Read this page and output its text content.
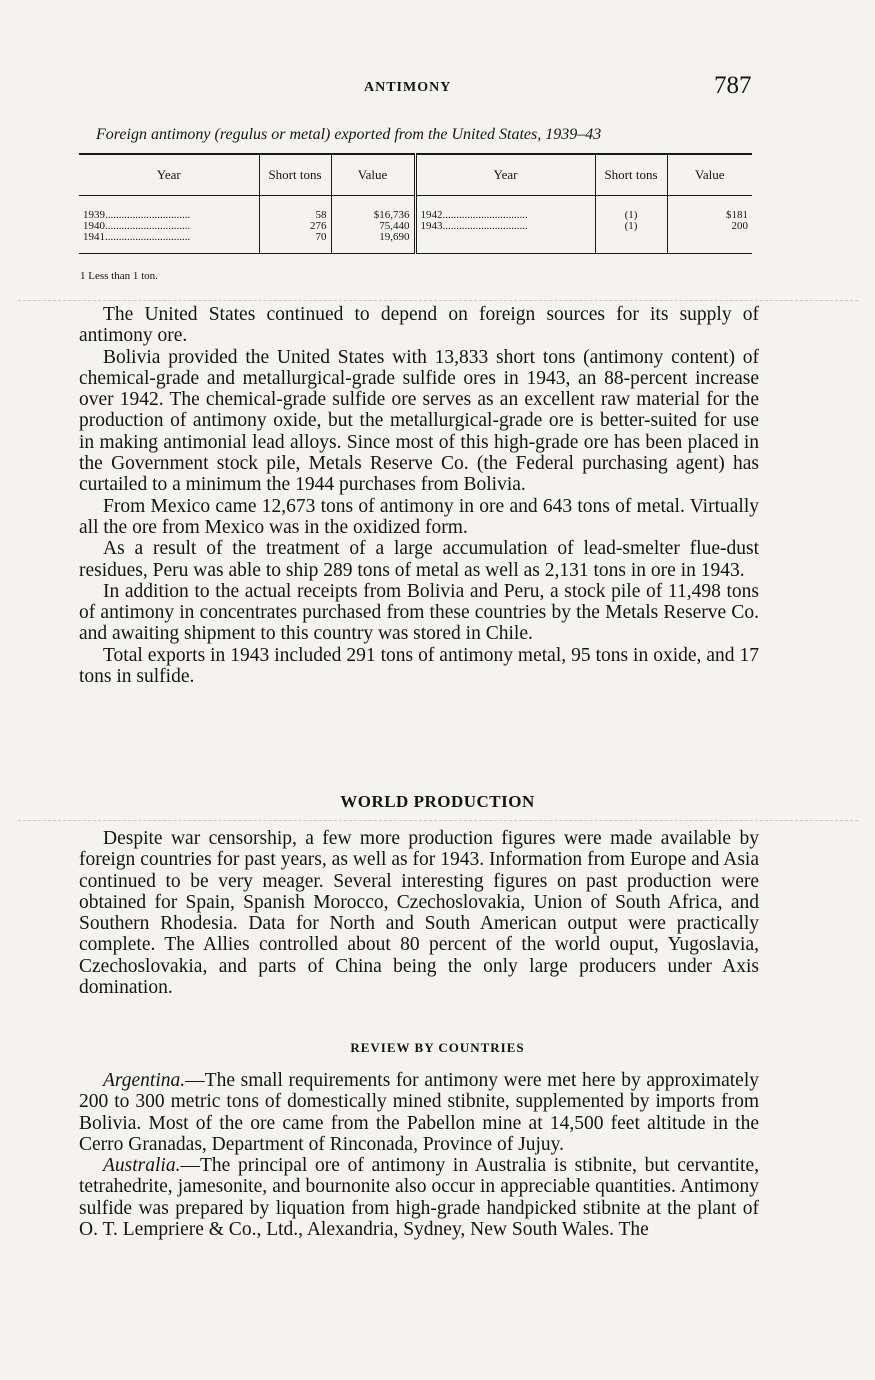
ANTIMONY	787
Foreign antimony (regulus or metal) exported from the United States, 1939–43
Year	Short tons	Value	Year	Short tons	Value
1939...............................	58	$16,736	1942...............................	(1)	$181
1940...............................	276	75,440	1943...............................	(1)	200
1941...............................	70	19,690			
1 Less than 1 ton.

The United States continued to depend on foreign sources for its supply of antimony ore.

Bolivia provided the United States with 13,833 short tons (antimony content) of chemical-grade and metallurgical-grade sulfide ores in 1943, an 88-percent increase over 1942. The chemical-grade sulfide ore serves as an excellent raw material for the production of antimony oxide, but the metallurgical-grade ore is better-suited for use in making antimonial lead alloys. Since most of this high-grade ore has been placed in the Government stock pile, Metals Reserve Co. (the Federal purchasing agent) has curtailed to a minimum the 1944 purchases from Bolivia.

From Mexico came 12,673 tons of antimony in ore and 643 tons of metal. Virtually all the ore from Mexico was in the oxidized form.

As a result of the treatment of a large accumulation of lead-smelter flue-dust residues, Peru was able to ship 289 tons of metal as well as 2,131 tons in ore in 1943.

In addition to the actual receipts from Bolivia and Peru, a stock pile of 11,498 tons of antimony in concentrates purchased from these countries by the Metals Reserve Co. and awaiting shipment to this country was stored in Chile.

Total exports in 1943 included 291 tons of antimony metal, 95 tons in oxide, and 17 tons in sulfide.

WORLD PRODUCTION

Despite war censorship, a few more production figures were made available by foreign countries for past years, as well as for 1943. Information from Europe and Asia continued to be very meager. Several interesting figures on past production were obtained for Spain, Spanish Morocco, Czechoslovakia, Union of South Africa, and Southern Rhodesia. Data for North and South American output were practically complete. The Allies controlled about 80 percent of the world ouput, Yugoslavia, Czechoslovakia, and parts of China being the only large producers under Axis domination.

REVIEW BY COUNTRIES

Argentina.—The small requirements for antimony were met here by approximately 200 to 300 metric tons of domestically mined stibnite, supplemented by imports from Bolivia. Most of the ore came from the Pabellon mine at 14,500 feet altitude in the Cerro Granadas, Department of Rinconada, Province of Jujuy.

Australia.—The principal ore of antimony in Australia is stibnite, but cervantite, tetrahedrite, jamesonite, and bournonite also occur in appreciable quantities. Antimony sulfide was prepared by liquation from high-grade handpicked stibnite at the plant of O. T. Lempriere & Co., Ltd., Alexandria, Sydney, New South Wales. The
